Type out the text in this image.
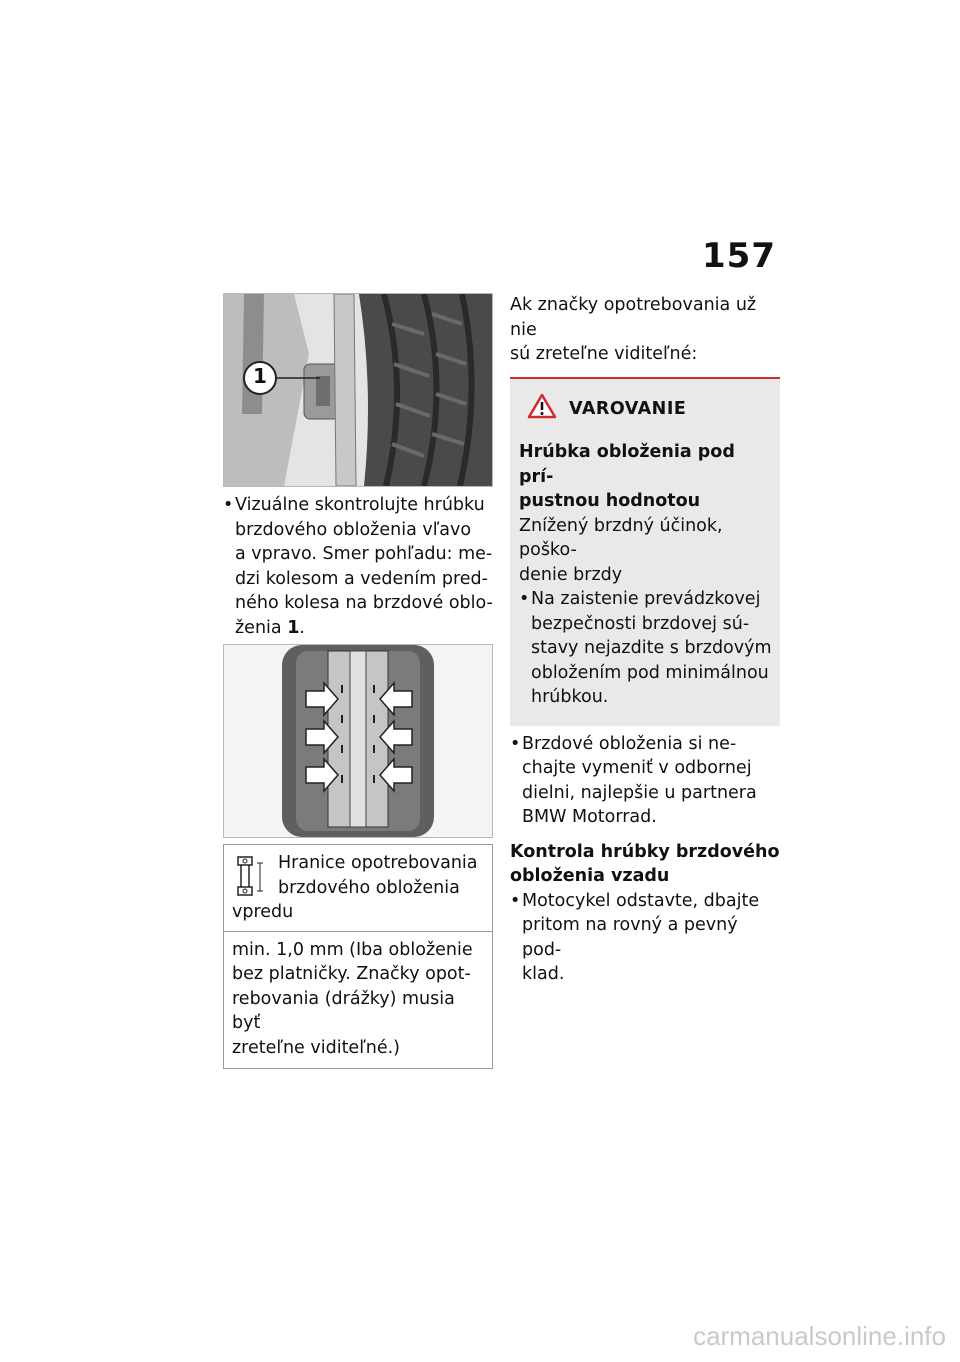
157
1
• Vizuálne skontrolujte hrúbku
brzdového obloženia vľavo
a vpravo. Smer pohľadu: me-
dzi kolesom a vedením pred-
ného kolesa na brzdové oblo-
ženia 1.
Hranice opotrebovania
brzdového obloženia
vpredu
min. 1,0 mm (Iba obloženie
bez platničky. Značky opot-
rebovania (drážky) musia byť
zreteľne viditeľné.)
Ak značky opotrebovania už nie
sú zreteľne viditeľné:
VAROVANIE
Hrúbka obloženia pod prí-
pustnou hodnotou
Znížený brzdný účinok, poško-
denie brzdy
• Na zaistenie prevádzkovej
bezpečnosti brzdovej sú-
stavy nejazdite s brzdovým
obložením pod minimálnou
hrúbkou.
• Brzdové obloženia si ne-
chajte vymeniť v odbornej
dielni, najlepšie u partnera
BMW Motorrad.
Kontrola hrúbky brzdového
obloženia vzadu
• Motocykel odstavte, dbajte
pritom na rovný a pevný pod-
klad.
carmanualsonline.info
